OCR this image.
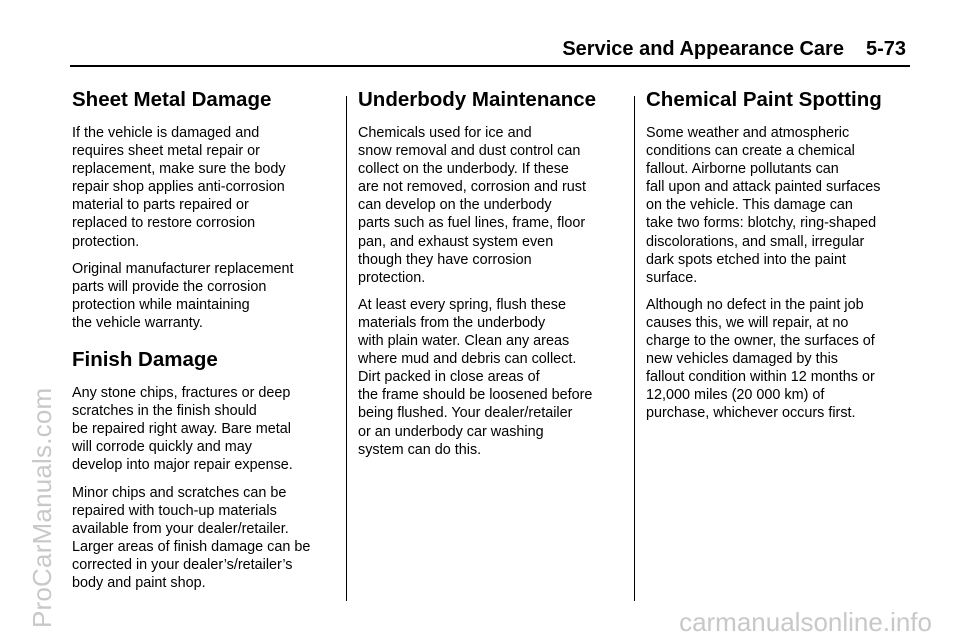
ProCarManuals.com
Service and Appearance Care 5-73
Sheet Metal Damage

If the vehicle is damaged and
requires sheet metal repair or
replacement, make sure the body
repair shop applies anti-corrosion
material to parts repaired or
replaced to restore corrosion
protection.

Original manufacturer replacement
parts will provide the corrosion
protection while maintaining
the vehicle warranty.

Finish Damage

Any stone chips, fractures or deep
scratches in the finish should
be repaired right away. Bare metal
will corrode quickly and may
develop into major repair expense.

Minor chips and scratches can be
repaired with touch-up materials
available from your dealer/retailer.
Larger areas of finish damage can be
corrected in your dealer’s/retailer’s
body and paint shop.

Underbody Maintenance

Chemicals used for ice and
snow removal and dust control can
collect on the underbody. If these
are not removed, corrosion and rust
can develop on the underbody
parts such as fuel lines, frame, floor
pan, and exhaust system even
though they have corrosion
protection.

At least every spring, flush these
materials from the underbody
with plain water. Clean any areas
where mud and debris can collect.
Dirt packed in close areas of
the frame should be loosened before
being flushed. Your dealer/retailer
or an underbody car washing
system can do this.

Chemical Paint Spotting

Some weather and atmospheric
conditions can create a chemical
fallout. Airborne pollutants can
fall upon and attack painted surfaces
on the vehicle. This damage can
take two forms: blotchy, ring-shaped
discolorations, and small, irregular
dark spots etched into the paint
surface.

Although no defect in the paint job
causes this, we will repair, at no
charge to the owner, the surfaces of
new vehicles damaged by this
fallout condition within 12 months or
12,000 miles (20 000 km) of
purchase, whichever occurs first.

carmanualsonline.info
